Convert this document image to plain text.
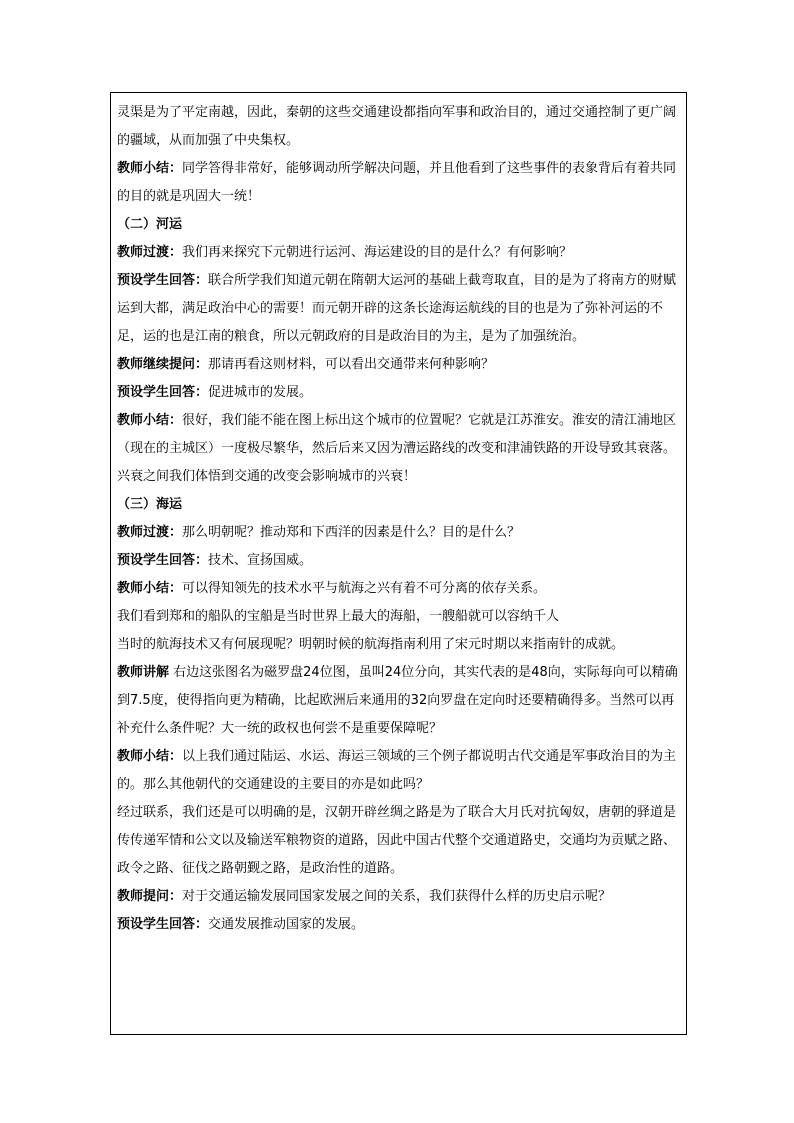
灵渠是为了平定南越，因此，秦朝的这些交通建设都指向军事和政治目的，通过交通控制了更广阔的疆域，从而加强了中央集权。

教师小结：同学答得非常好，能够调动所学解决问题，并且他看到了这些事件的表象背后有着共同的目的就是巩固大一统！

（二）河运

教师过渡：我们再来探究下元朝进行运河、海运建设的目的是什么？有何影响？

预设学生回答：联合所学我们知道元朝在隋朝大运河的基础上截弯取直，目的是为了将南方的财赋运到大都，满足政治中心的需要！而元朝开辟的这条长途海运航线的目的也是为了弥补河运的不足，运的也是江南的粮食，所以元朝政府的目是政治目的为主，是为了加强统治。

教师继续提问：那请再看这则材料，可以看出交通带来何种影响？

预设学生回答：促进城市的发展。

教师小结：很好，我们能不能在图上标出这个城市的位置呢？它就是江苏淮安。淮安的清江浦地区（现在的主城区）一度极尽繁华，然后后来又因为漕运路线的改变和津浦铁路的开设导致其衰落。兴衰之间我们体悟到交通的改变会影响城市的兴衰！

（三）海运

教师过渡：那么明朝呢？推动郑和下西洋的因素是什么？目的是什么？

预设学生回答：技术、宣扬国威。

教师小结：可以得知领先的技术水平与航海之兴有着不可分离的依存关系。

我们看到郑和的船队的宝船是当时世界上最大的海船，一艘船就可以容纳千人

当时的航海技术又有何展现呢？明朝时候的航海指南利用了宋元时期以来指南针的成就。

教师讲解 右边这张图名为磁罗盘24位图，虽叫24位分向，其实代表的是48向，实际每向可以精确到7.5度，使得指向更为精确，比起欧洲后来通用的32向罗盘在定向时还要精确得多。当然可以再补充什么条件呢？大一统的政权也何尝不是重要保障呢？

教师小结：以上我们通过陆运、水运、海运三领域的三个例子都说明古代交通是军事政治目的为主的。那么其他朝代的交通建设的主要目的亦是如此吗？

经过联系，我们还是可以明确的是，汉朝开辟丝绸之路是为了联合大月氏对抗匈奴，唐朝的驿道是传传递军情和公文以及输送军粮物资的道路，因此中国古代整个交通道路史，交通均为贡赋之路、政令之路、征伐之路朝觐之路，是政治性的道路。

教师提问：对于交通运输发展同国家发展之间的关系，我们获得什么样的历史启示呢？

预设学生回答：交通发展推动国家的发展。
